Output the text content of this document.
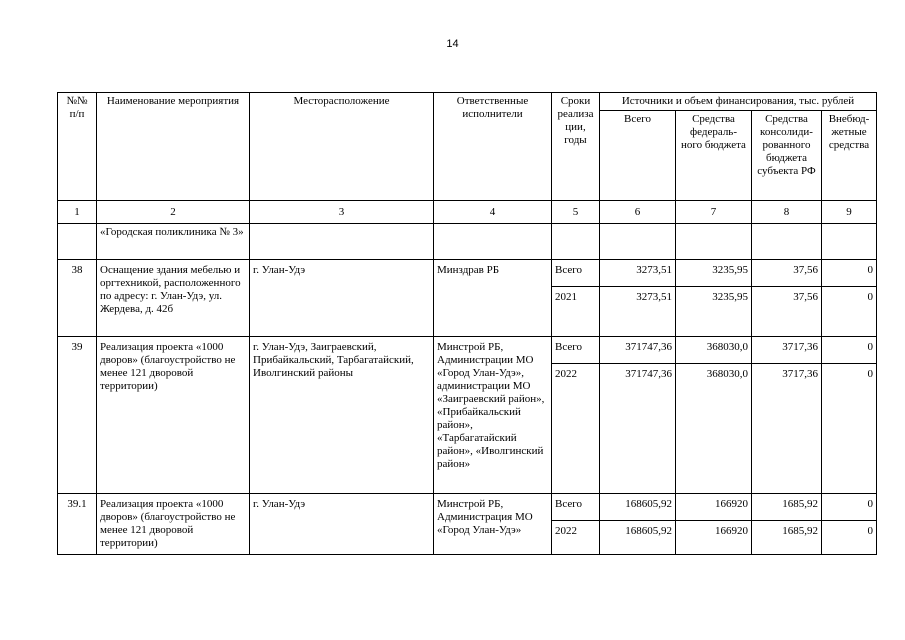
14
№№ п/п	Наименование мероприятия	Месторасположение	Ответственные исполнители	Сроки реализа ции, годы	Источники и объем финансирования, тыс. рублей			
					Всего	Средства федераль- ного бюджета	Средства консолиди- рованного бюджета субъекта РФ	Внебюд- жетные средства
1	2	3	4	5	6	7	8	9
	«Городская поликлиника № 3»							
38	Оснащение здания мебелью и оргтехникой, расположенного по адресу: г. Улан-Удэ, ул. Жердева, д. 42б	г. Улан-Удэ	Минздрав РБ	Всего	3273,51	3235,95	37,56	0
				2021	3273,51	3235,95	37,56	0
39	Реализация проекта «1000 дворов» (благоустройство не менее 121 дворовой территории)	г. Улан-Удэ, Заиграевский, Прибайкальский, Тарбагатайский, Иволгинский районы	Минстрой РБ, Администрации МО «Город Улан-Удэ», администрации МО «Заиграевский район», «Прибайкальский район», «Тарбагатайский район», «Иволгинский район»	Всего	371747,36	368030,0	3717,36	0
				2022	371747,36	368030,0	3717,36	0
39.1	Реализация проекта «1000 дворов» (благоустройство не менее 121 дворовой территории)	г. Улан-Удэ	Минстрой РБ, Администрация МО «Город Улан-Удэ»	Всего	168605,92	166920	1685,92	0
				2022	168605,92	166920	1685,92	0
